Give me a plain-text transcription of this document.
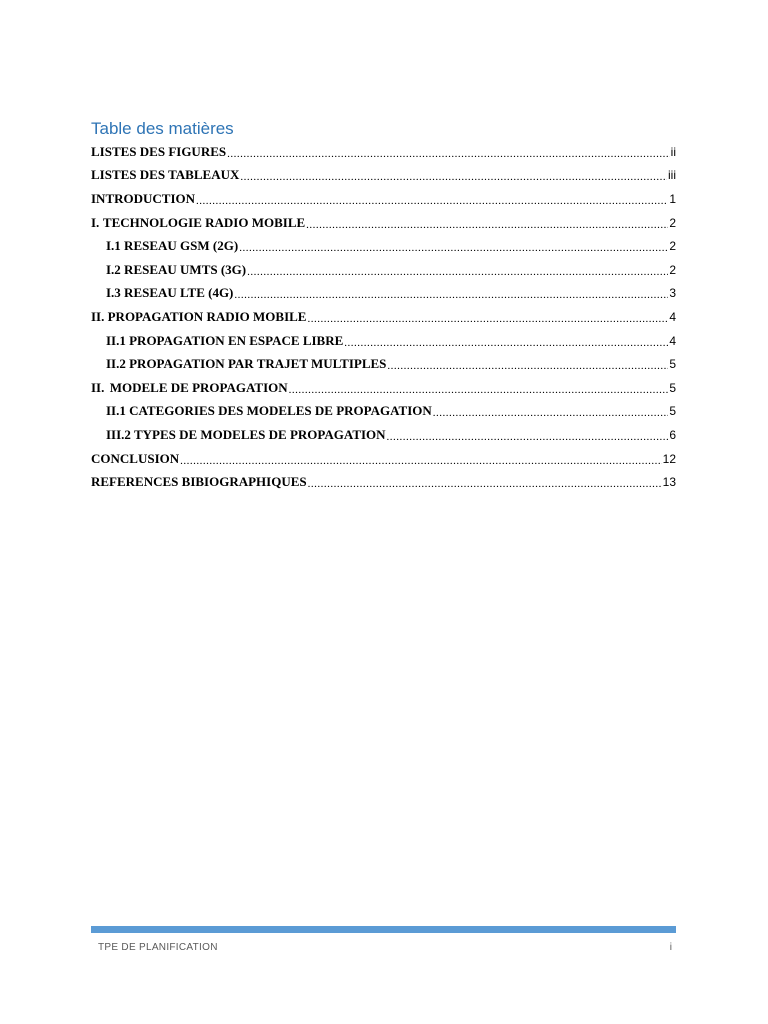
Table des matières
LISTES DES FIGURES .....	ii
LISTES DES TABLEAUX .....	iii
INTRODUCTION .....	1
I. TECHNOLOGIE RADIO MOBILE .....	2
I.1 RESEAU GSM (2G) .....	2
I.2 RESEAU UMTS (3G) .....	2
I.3 RESEAU LTE (4G) .....	3
II. PROPAGATION RADIO MOBILE .....	4
II.1 PROPAGATION EN ESPACE LIBRE .....	4
II.2 PROPAGATION PAR TRAJET MULTIPLES .....	5
II. MODELE DE PROPAGATION .....	5
II.1 CATEGORIES DES MODELES DE PROPAGATION .....	5
III.2 TYPES DE MODELES DE PROPAGATION .....	6
CONCLUSION .....	12
REFERENCES BIBIOGRAPHIQUES .....	13
TPE DE PLANIFICATION	i
